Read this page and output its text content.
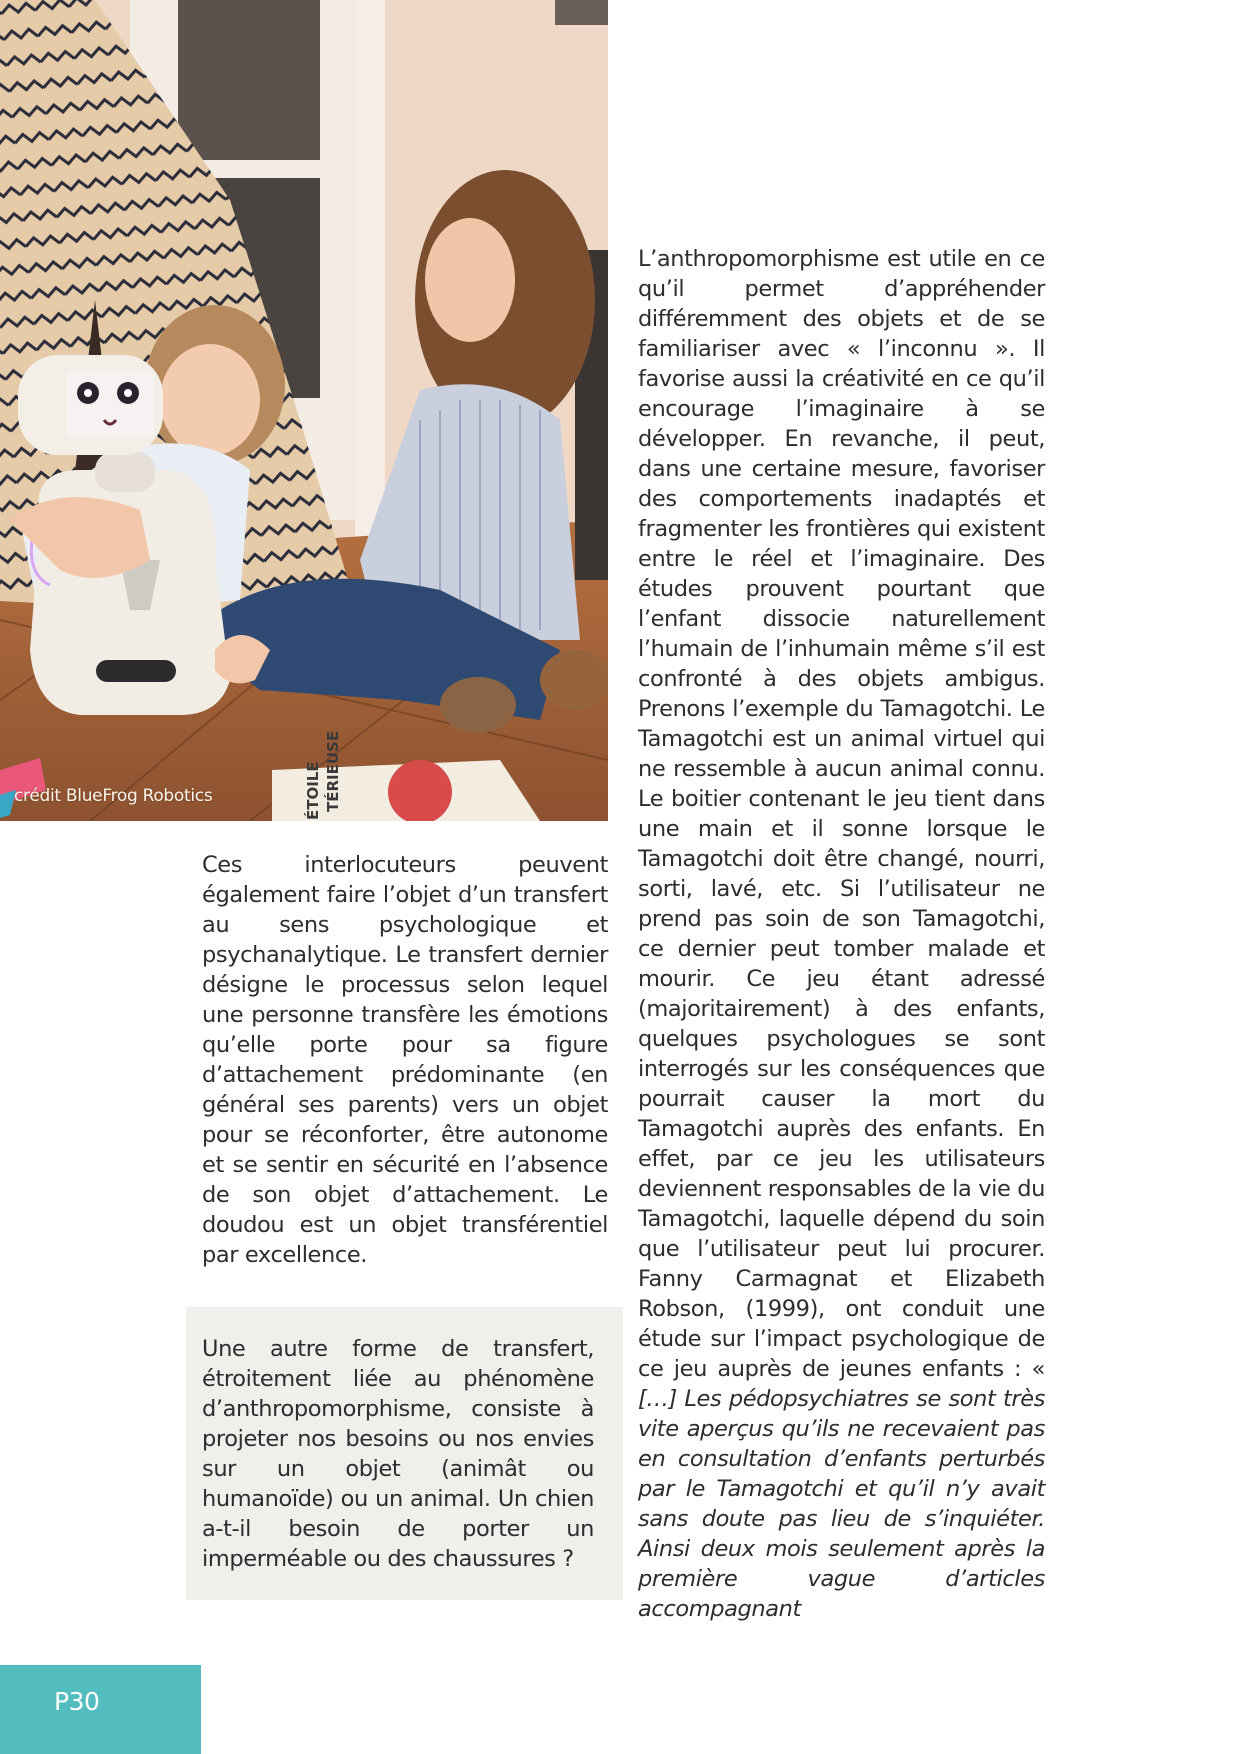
ÉTOILE TÉRIEUSE
crédit BlueFrog Robotics

Ces interlocuteurs peuvent également faire l’objet d’un transfert au sens psychologique et psychanalytique. Le transfert dernier désigne le processus selon lequel une personne transfère les émotions qu’elle porte pour sa figure d’attachement prédominante (en général ses parents) vers un objet pour se réconforter, être autonome et se sentir en sécurité en l’absence de son objet d’attachement. Le doudou est un objet transférentiel par excellence.

Une autre forme de transfert, étroitement liée au phénomène d’anthropomorphisme, consiste à projeter nos besoins ou nos envies sur un objet (animât ou humanoïde) ou un animal. Un chien a-t-il besoin de porter un imperméable ou des chaussures ?

L’anthropomorphisme est utile en ce qu’il permet d’appréhender différemment des objets et de se familiariser avec « l’inconnu ». Il favorise aussi la créativité en ce qu’il encourage l’imaginaire à se développer. En revanche, il peut, dans une certaine mesure, favoriser des comportements inadaptés et fragmenter les frontières qui existent entre le réel et l’imaginaire. Des études prouvent pourtant que l’enfant dissocie naturellement l’humain de l’inhumain même s’il est confronté à des objets ambigus. Prenons l’exemple du Tamagotchi. Le Tamagotchi est un animal virtuel qui ne ressemble à aucun animal connu. Le boitier contenant le jeu tient dans une main et il sonne lorsque le Tamagotchi doit être changé, nourri, sorti, lavé, etc. Si l’utilisateur ne prend pas soin de son Tamagotchi, ce dernier peut tomber malade et mourir. Ce jeu étant adressé (majoritairement) à des enfants, quelques psychologues se sont interrogés sur les conséquences que pourrait causer la mort du Tamagotchi auprès des enfants. En effet, par ce jeu les utilisateurs deviennent responsables de la vie du Tamagotchi, laquelle dépend du soin que l’utilisateur peut lui procurer. Fanny Carmagnat et Elizabeth Robson, (1999), ont conduit une étude sur l’impact psychologique de ce jeu auprès de jeunes enfants : « […] Les pédopsychiatres se sont très vite aperçus qu’ils ne recevaient pas en consultation d’enfants perturbés par le Tamagotchi et qu’il n’y avait sans doute pas lieu de s’inquiéter. Ainsi deux mois seulement après la première vague d’articles accompagnant

P30
